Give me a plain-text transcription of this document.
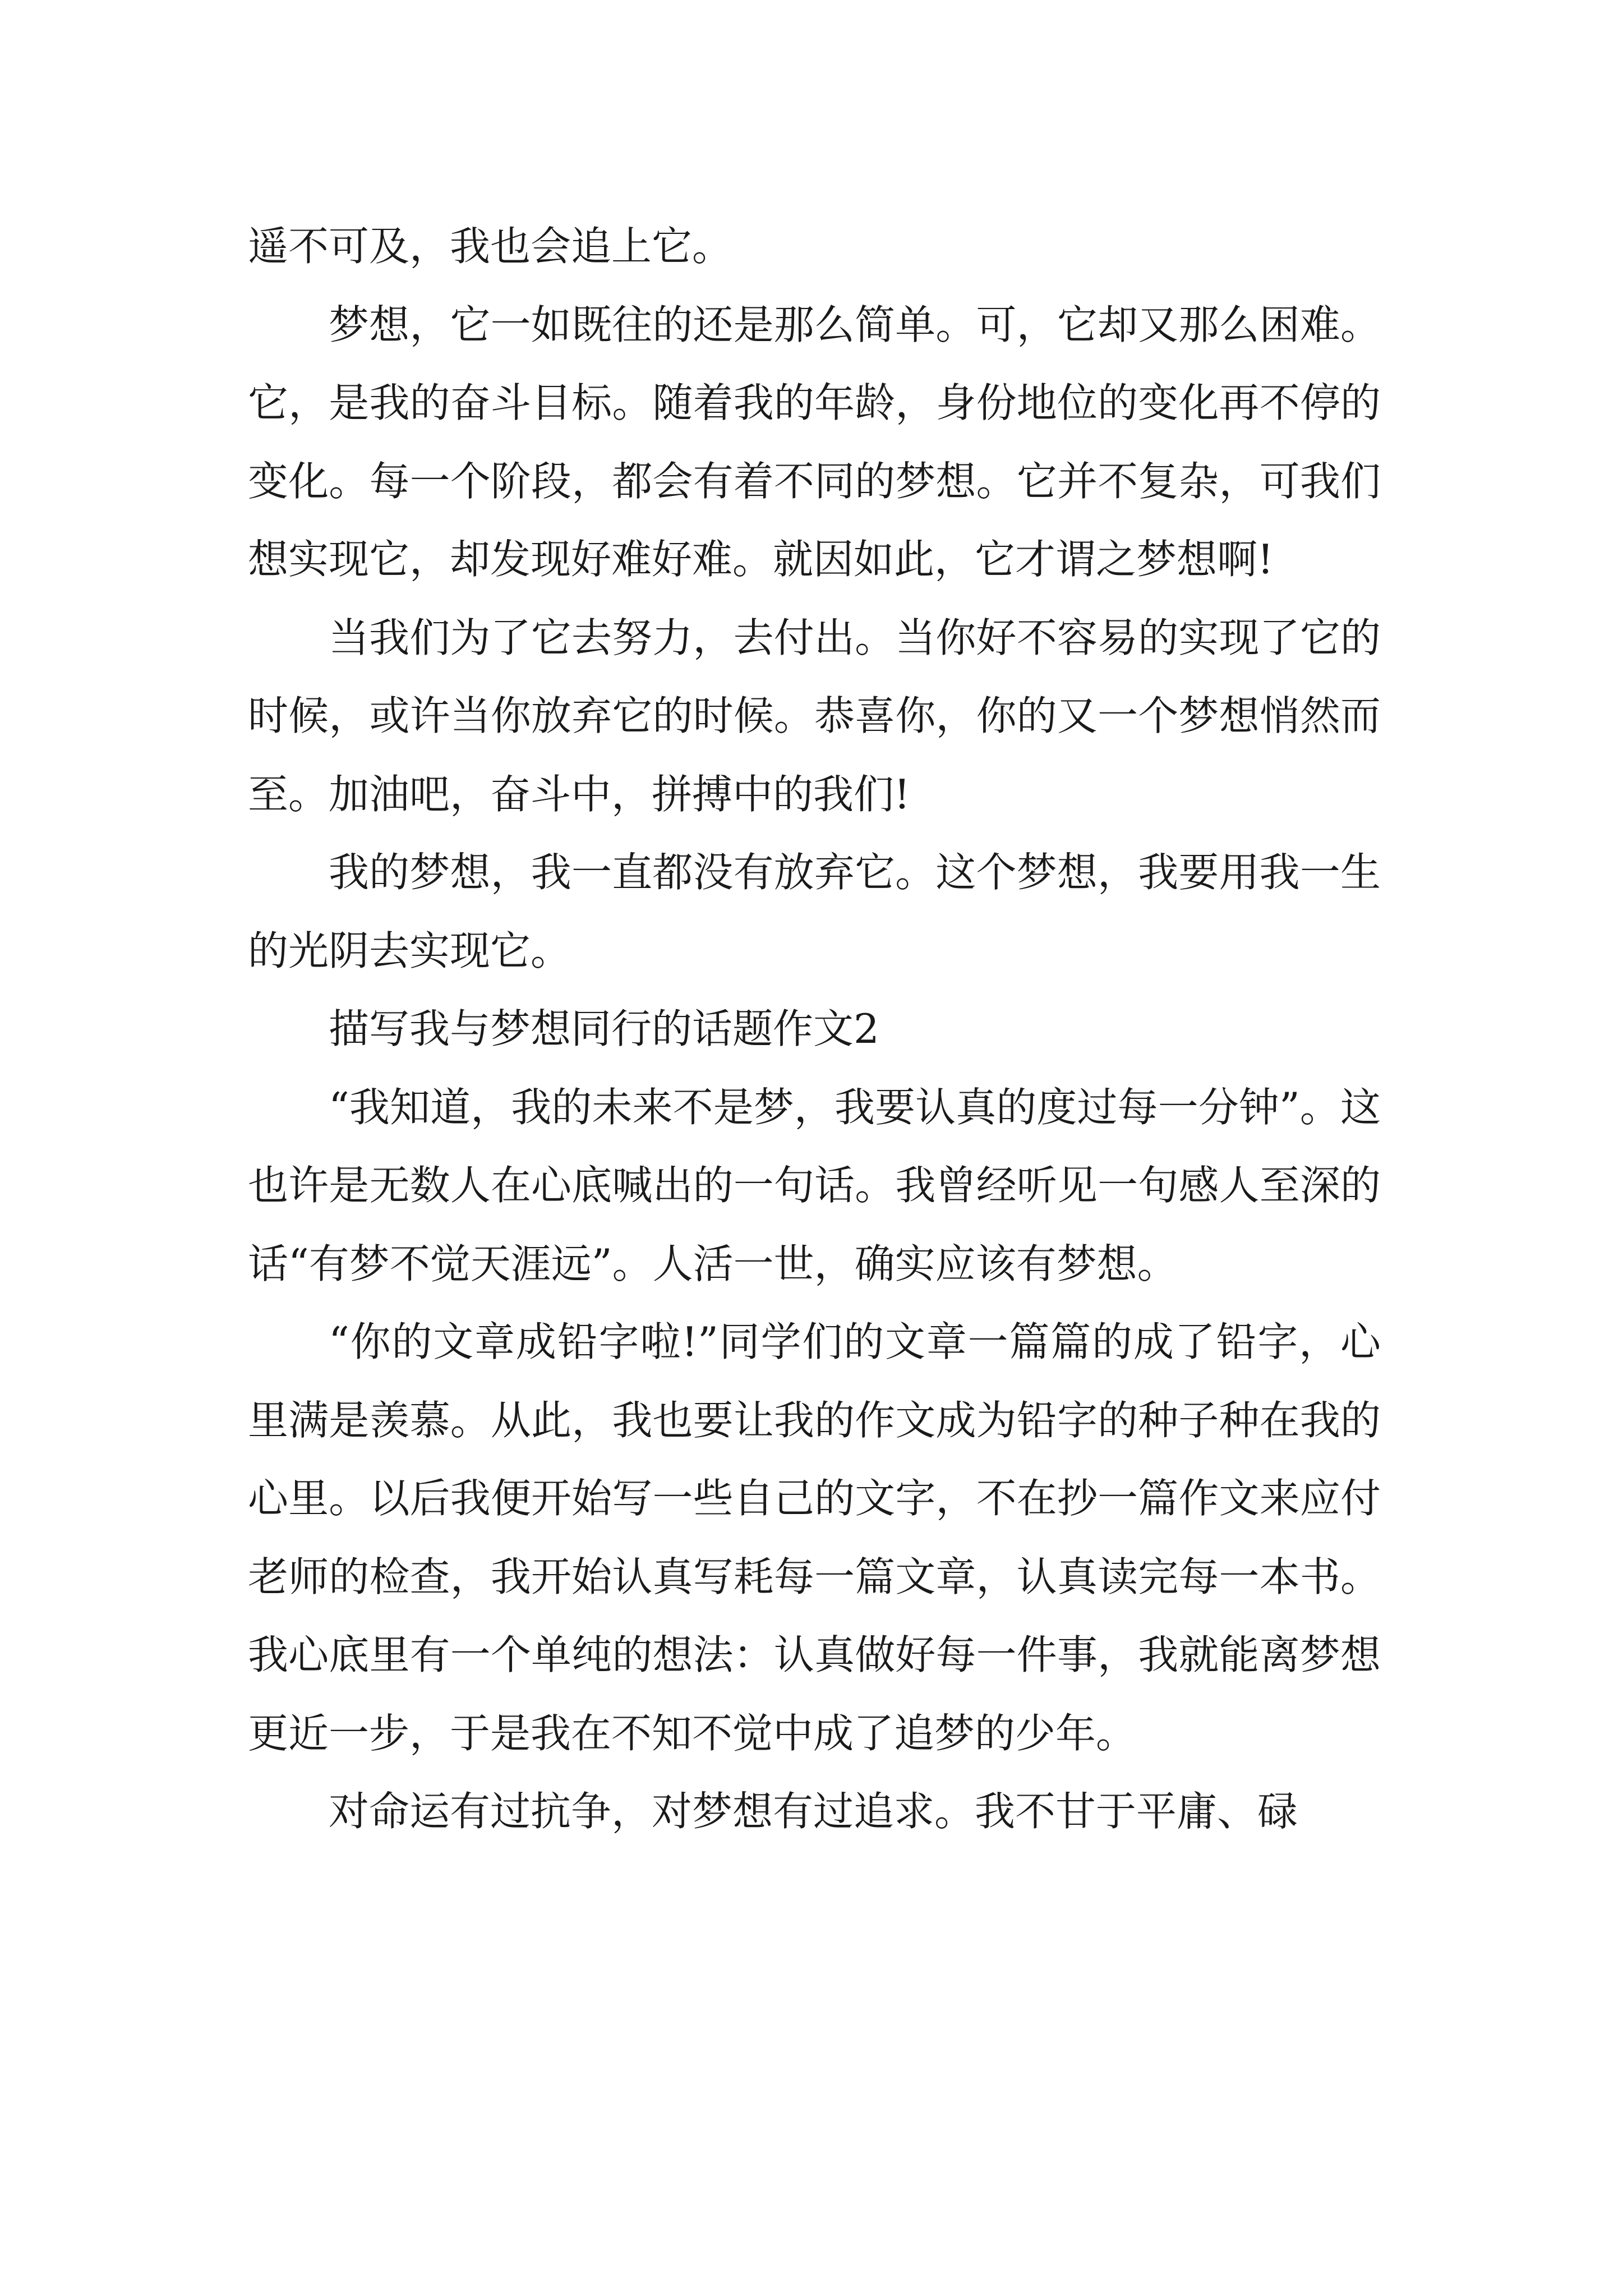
遥不可及，我也会追上它。

梦想，它一如既往的还是那么简单。可，它却又那么困难。它，是我的奋斗目标。随着我的年龄，身份地位的变化再不停的变化。每一个阶段，都会有着不同的梦想。它并不复杂，可我们想实现它，却发现好难好难。就因如此，它才谓之梦想啊!

当我们为了它去努力，去付出。当你好不容易的实现了它的时候，或许当你放弃它的时候。恭喜你，你的又一个梦想悄然而至。加油吧，奋斗中，拼搏中的我们!

我的梦想，我一直都没有放弃它。这个梦想，我要用我一生的光阴去实现它。

描写我与梦想同行的话题作文2

“我知道，我的未来不是梦，我要认真的度过每一分钟”。这也许是无数人在心底喊出的一句话。我曾经听见一句感人至深的话“有梦不觉天涯远”。人活一世，确实应该有梦想。

“你的文章成铅字啦!”同学们的文章一篇篇的成了铅字，心里满是羡慕。从此，我也要让我的作文成为铅字的种子种在我的心里。以后我便开始写一些自己的文字，不在抄一篇作文来应付老师的检查，我开始认真写耗每一篇文章，认真读完每一本书。我心底里有一个单纯的想法：认真做好每一件事，我就能离梦想更近一步，于是我在不知不觉中成了追梦的少年。

对命运有过抗争，对梦想有过追求。我不甘于平庸、碌
